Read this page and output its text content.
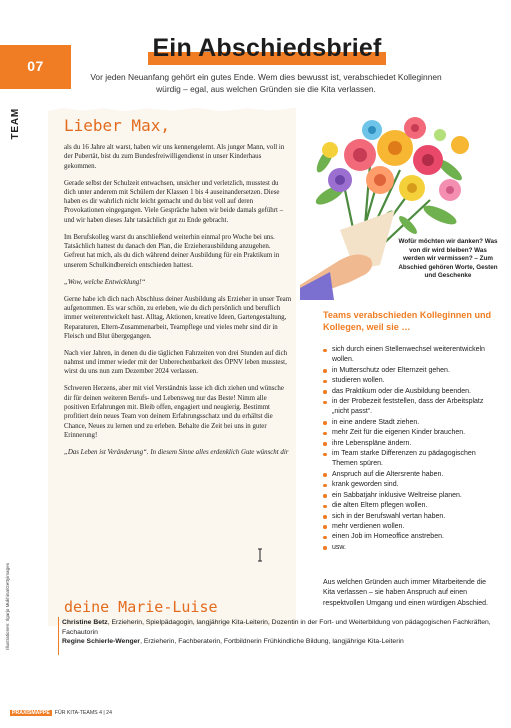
07
TEAM
Ein Abschiedsbrief
Vor jeden Neuanfang gehört ein gutes Ende. Wem dies bewusst ist, verabschiedet Kolleginnen würdig – egal, aus welchen Gründen sie die Kita verlassen.
Lieber Max,

als du 16 Jahre alt warst, haben wir uns kennengelernt. Als junger Mann, voll in der Pubertät, bist du zum Bundesfreiwilligendienst in unser Kinderhaus gekommen.

Gerade selbst der Schulzeit entwachsen, unsicher und verletzlich, musstest du dich unter anderem mit Schülern der Klassen 1 bis 4 auseinandersetzen. Diese haben es dir wahrlich nicht leicht gemacht und du bist voll auf deren Provokationen eingegangen. Viele Gespräche haben wir beide damals geführt – und wir haben dieses Jahr tatsächlich gut zu Ende gebracht.

Im Berufskolleg warst du anschließend weiterhin einmal pro Woche bei uns. Tatsächlich hattest du danach den Plan, die Erzieherausbildung anzugehen. Gefreut hat mich, als du dich während deiner Ausbildung für ein Praktikum in unserem Schulkindbereich entschieden hattest.

„Wow, welche Entwicklung!“

Gerne habe ich dich nach Abschluss deiner Ausbildung als Erzieher in unser Team aufgenommen. Es war schön, zu erleben, wie du dich persönlich und beruflich immer weiterentwickelt hast. Alltag, Aktionen, kreative Ideen, Gartengestaltung, Reparaturen, Eltern-Zusammenarbeit, Teampflege und vieles mehr sind dir in Fleisch und Blut übergegangen.

Nach vier Jahren, in denen du die täglichen Fahrzeiten von drei Stunden auf dich nahmst und immer wieder mit der Unberechenbarkeit des ÖPNV leben musstest, wirst du uns nun zum Dezember 2024 verlassen.

Schweren Herzens, aber mit viel Verständnis lasse ich dich ziehen und wünsche dir für deinen weiteren Berufs- und Lebensweg nur das Beste! Nimm alle positiven Erfahrungen mit. Bleib offen, engagiert und neugierig. Bestimmt profitiert dein neues Team von deinem Erfahrungsschatz und du erhältst die Chance, Neues zu lernen und zu erleben. Behalte die Zeit bei uns in guter Erinnerung!

„Das Leben ist Veränderung“. In diesem Sinne alles erdenklich Gute wünscht dir

deine Marie-Luise
Wofür möchten wir danken? Was von dir wird bleiben? Was werden wir vermissen? – Zum Abschied gehören Worte, Gesten und Geschenke
Teams verabschieden Kolleginnen und Kollegen, weil sie …
sich durch einen Stellenwechsel weiterentwickeln wollen.
in Mutterschutz oder Elternzeit gehen.
studieren wollen.
das Praktikum oder die Ausbildung beenden.
in der Probezeit feststellen, dass der Arbeitsplatz „nicht passt“.
in eine andere Stadt ziehen.
mehr Zeit für die eigenen Kinder brauchen.
ihre Lebenspläne ändern.
im Team starke Differenzen zu pädagogischen Themen spüren.
Anspruch auf die Altersrente haben.
krank geworden sind.
ein Sabbatjahr inklusive Weltreise planen.
die alten Eltern pflegen wollen.
sich in der Berufswahl vertan haben.
mehr verdienen wollen.
einen Job im Homeoffice anstreben.
usw.
Aus welchen Gründen auch immer Mitarbeitende die Kita verlassen – sie haben Anspruch auf einen respektvollen Umgang und einen würdigen Abschied.
Illustrationen: Ilgarjo Mukhina/Gettyimages	Christine Betz, Erzieherin, Spielpädagogin, langjährige Kita-Leiterin, Dozentin in der Fort- und Weiterbildung von pädagogischen Fachkräften, Fachautorin
Regine Schierle-Wenger, Erzieherin, Fachberaterin, Fortbildnerin Frühkindliche Bildung, langjährige Kita-Leiterin
PRAXISMAPPE FÜR KITA-TEAMS 4 | 24
